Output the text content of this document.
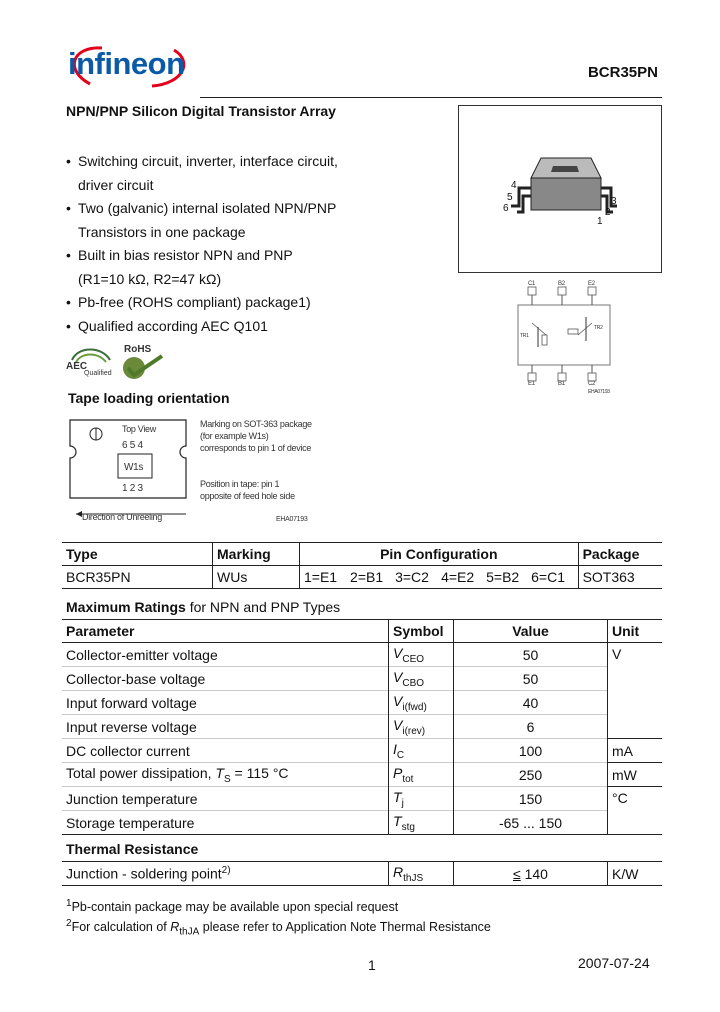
infineon	BCR35PN
NPN/PNP Silicon Digital Transistor Array
• Switching circuit, inverter, interface circuit,
driver circuit
• Two (galvanic) internal isolated NPN/PNP
Transistors in one package
• Built in bias resistor NPN and PNP
(R1=10 kΩ, R2=47 kΩ)
• Pb-free (ROHS compliant) package1)
• Qualified according AEC Q101
AEC
Qualified
RoHS
4
5
6
3
2
1
C1	B2	E2
E1	B1	C2
TR1
TR2
EHA07193
Tape loading orientation
Top View
6 5 4
W1s
1 2 3
Direction of Unreeling
Marking on SOT-363 package
(for example W1s)
corresponds to pin 1 of device
Position in tape: pin 1
opposite of feed hole side
EHA07193
Type	Marking	Pin Configuration						Package
BCR35PN	WUs	1=E1	2=B1	3=C2	4=E2	5=B2	6=C1	SOT363
Maximum Ratings for NPN and PNP Types
Parameter	Symbol	Value	Unit
Collector-emitter voltage	$V_{CEO}$	50	V
Collector-base voltage	$V_{CBO}$	50	
Input forward voltage	$V_{i(fwd)}$	40	
Input reverse voltage	$V_{i(rev)}$	6	
DC collector current	$I_C$	100	mA
Total power dissipation, $T_S = 115$ °C	$P_{tot}$	250	mW
Junction temperature	$T_j$	150	°C
Storage temperature	$T_{stg}$	-65 ... 150	
Thermal Resistance
Junction - soldering point$^{2)}$	$R_{thJS}$	≤ 140	K/W
$^1$Pb-contain package may be available upon special request
$^2$For calculation of $R_{thJA}$ please refer to Application Note Thermal Resistance
1	2007-07-24
